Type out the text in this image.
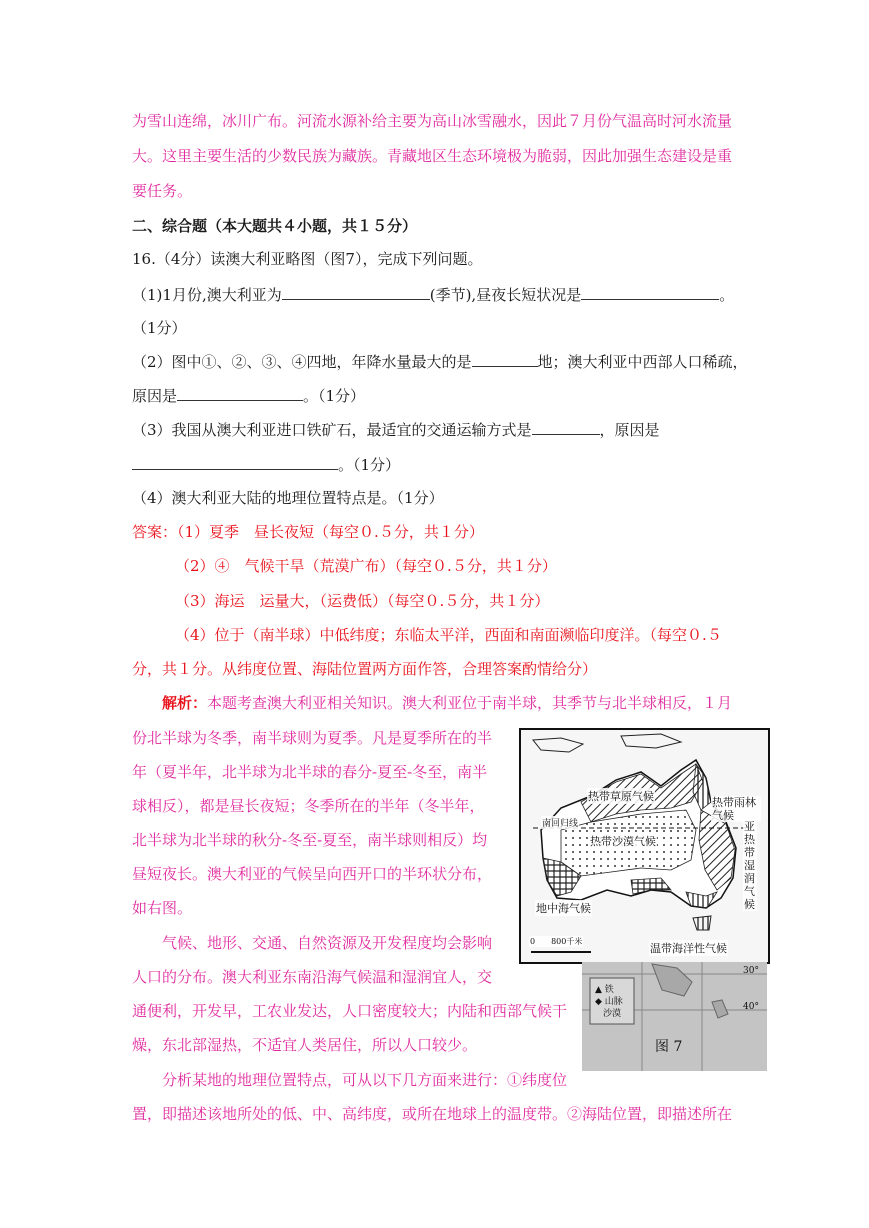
为雪山连绵，冰川广布。河流水源补给主要为高山冰雪融水，因此７月份气温高时河水流量
大。这里主要生活的少数民族为藏族。青藏地区生态环境极为脆弱，因此加强生态建设是重
要任务。
二、综合题（本大题共４小题，共１５分）
16.（4分）读澳大利亚略图（图7），完成下列问题。
（1)1月份,澳大利亚为	(季节),昼夜长短状况是	。
（1分）
（2）图中①、②、③、④四地，年降水量最大的是	地；澳大利亚中西部人口稀疏，
原因是	。（1分）
（3）我国从澳大利亚进口铁矿石，最适宜的交通运输方式是	，原因是
。（1分）
（4）澳大利亚大陆的地理位置特点是。（1分）
答案：（1）夏季　昼长夜短（每空０.５分，共１分）
（2）④　气候干旱（荒漠广布）（每空０.５分，共１分）
（3）海运　运量大，（运费低）（每空０.５分，共１分）
（4）位于（南半球）中低纬度；东临太平洋，西面和南面濒临印度洋。（每空０.５
分，共１分。从纬度位置、海陆位置两方面作答，合理答案酌情给分）
解析：本题考查澳大利亚相关知识。澳大利亚位于南半球，其季节与北半球相反，１月
份北半球为冬季，南半球则为夏季。凡是夏季所在的半
年（夏半年，北半球为北半球的春分-夏至-冬至，南半
球相反），都是昼长夜短；冬季所在的半年（冬半年，
北半球为北半球的秋分-冬至-夏至，南半球则相反）均
昼短夜长。澳大利亚的气候呈向西开口的半环状分布，
如右图。
气候、地形、交通、自然资源及开发程度均会影响
人口的分布。澳大利亚东南沿海气候温和湿润宜人，交
通便利，开发早，工农业发达，人口密度较大；内陆和西部气候干
燥，东北部湿热，不适宜人类居住，所以人口较少。
分析某地的地理位置特点，可从以下几方面来进行：①纬度位
置，即描述该地所处的低、中、高纬度，或所在地球上的温度带。②海陆位置，即描述所在
热带草原气候	热带雨林气候
南回归线
热带沙漠气候
亚热带湿润气候
地中海气候
温带海洋性气候
0　　800千米
▲ 铁
◆ 山脉
沙漠
图 7
30°
40°
